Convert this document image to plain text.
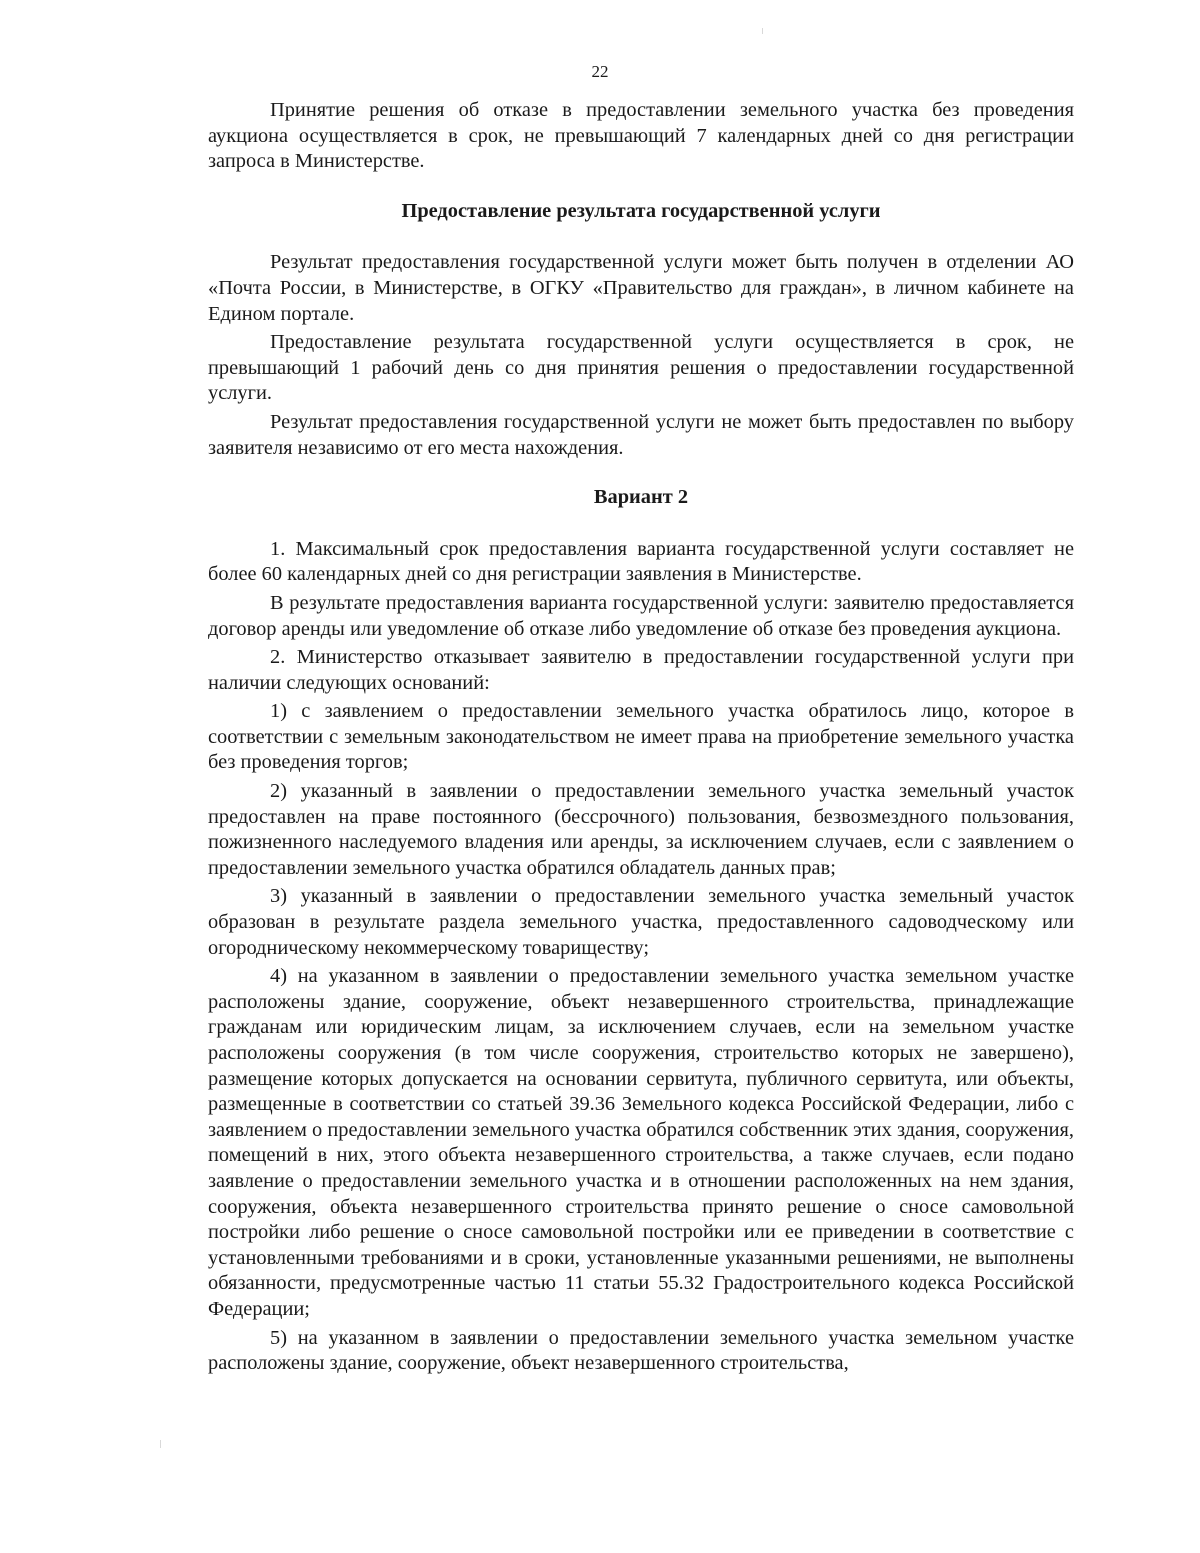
22

Принятие решения об отказе в предоставлении земельного участка без проведения аукциона осуществляется в срок, не превышающий 7 календарных дней со дня регистрации запроса в Министерстве.

Предоставление результата государственной услуги

Результат предоставления государственной услуги может быть получен в отделении АО «Почта России, в Министерстве, в ОГКУ «Правительство для граждан», в личном кабинете на Едином портале.

Предоставление результата государственной услуги осуществляется в срок, не превышающий 1 рабочий день со дня принятия решения о предоставлении государственной услуги.

Результат предоставления государственной услуги не может быть предоставлен по выбору заявителя независимо от его места нахождения.

Вариант 2

1. Максимальный срок предоставления варианта государственной услуги составляет не более 60 календарных дней со дня регистрации заявления в Министерстве.

В результате предоставления варианта государственной услуги: заявителю предоставляется договор аренды или уведомление об отказе либо уведомление об отказе без проведения аукциона.

2. Министерство отказывает заявителю в предоставлении государственной услуги при наличии следующих оснований:

1) с заявлением о предоставлении земельного участка обратилось лицо, которое в соответствии с земельным законодательством не имеет права на приобретение земельного участка без проведения торгов;

2) указанный в заявлении о предоставлении земельного участка земельный участок предоставлен на праве постоянного (бессрочного) пользования, безвозмездного пользования, пожизненного наследуемого владения или аренды, за исключением случаев, если с заявлением о предоставлении земельного участка обратился обладатель данных прав;

3) указанный в заявлении о предоставлении земельного участка земельный участок образован в результате раздела земельного участка, предоставленного садоводческому или огородническому некоммерческому товариществу;

4) на указанном в заявлении о предоставлении земельного участка земельном участке расположены здание, сооружение, объект незавершенного строительства, принадлежащие гражданам или юридическим лицам, за исключением случаев, если на земельном участке расположены сооружения (в том числе сооружения, строительство которых не завершено), размещение которых допускается на основании сервитута, публичного сервитута, или объекты, размещенные в соответствии со статьей 39.36 Земельного кодекса Российской Федерации, либо с заявлением о предоставлении земельного участка обратился собственник этих здания, сооружения, помещений в них, этого объекта незавершенного строительства, а также случаев, если подано заявление о предоставлении земельного участка и в отношении расположенных на нем здания, сооружения, объекта незавершенного строительства принято решение о сносе самовольной постройки либо решение о сносе самовольной постройки или ее приведении в соответствие с установленными требованиями и в сроки, установленные указанными решениями, не выполнены обязанности, предусмотренные частью 11 статьи 55.32 Градостроительного кодекса Российской Федерации;

5) на указанном в заявлении о предоставлении земельного участка земельном участке расположены здание, сооружение, объект незавершенного строительства,
